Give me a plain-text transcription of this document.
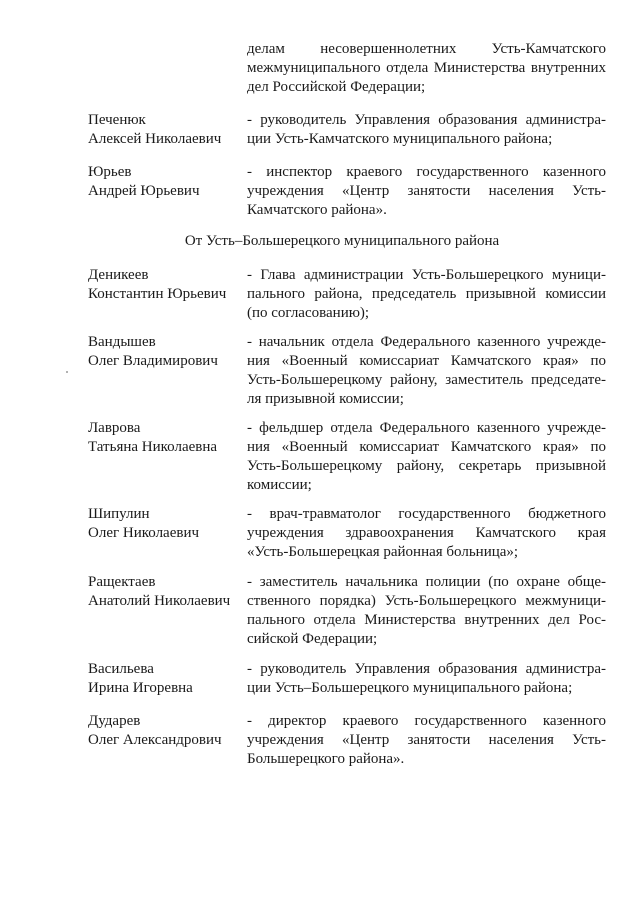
делам несовершеннолетних Усть-Камчатского
межмуниципального отдела Министерства внутренних
дел Российской Федерации;
Печенюк
Алексей Николаевич
- руководитель Управления образования администра-
ции Усть-Камчатского муниципального района;
Юрьев
Андрей Юрьевич
- инспектор краевого государственного казенного
учреждения «Центр занятости населения Усть-
Камчатского района».
От Усть–Большерецкого муниципального района
Деникеев
Константин Юрьевич
- Глава администрации Усть-Большерецкого муници-
пального района, председатель призывной комиссии
(по согласованию);
Вандышев
Олег Владимирович
- начальник отдела Федерального казенного учрежде-
ния «Военный комиссариат Камчатского края» по
Усть-Большерецкому району, заместитель председате-
ля призывной комиссии;
Лаврова
Татьяна Николаевна
- фельдшер отдела Федерального казенного учрежде-
ния «Военный комиссариат Камчатского края» по
Усть-Большерецкому району, секретарь призывной
комиссии;
Шипулин
Олег Николаевич
- врач-травматолог государственного бюджетного
учреждения здравоохранения Камчатского края
«Усть-Большерецкая районная больница»;
Ращектаев
Анатолий Николаевич
- заместитель начальника полиции (по охране обще-
ственного порядка) Усть-Большерецкого межмуници-
пального отдела Министерства внутренних дел Рос-
сийской Федерации;
Васильева
Ирина Игоревна
- руководитель Управления образования администра-
ции Усть–Большерецкого муниципального района;
Дударев
Олег Александрович
- директор краевого государственного казенного
учреждения «Центр занятости населения Усть-
Большерецкого района».
